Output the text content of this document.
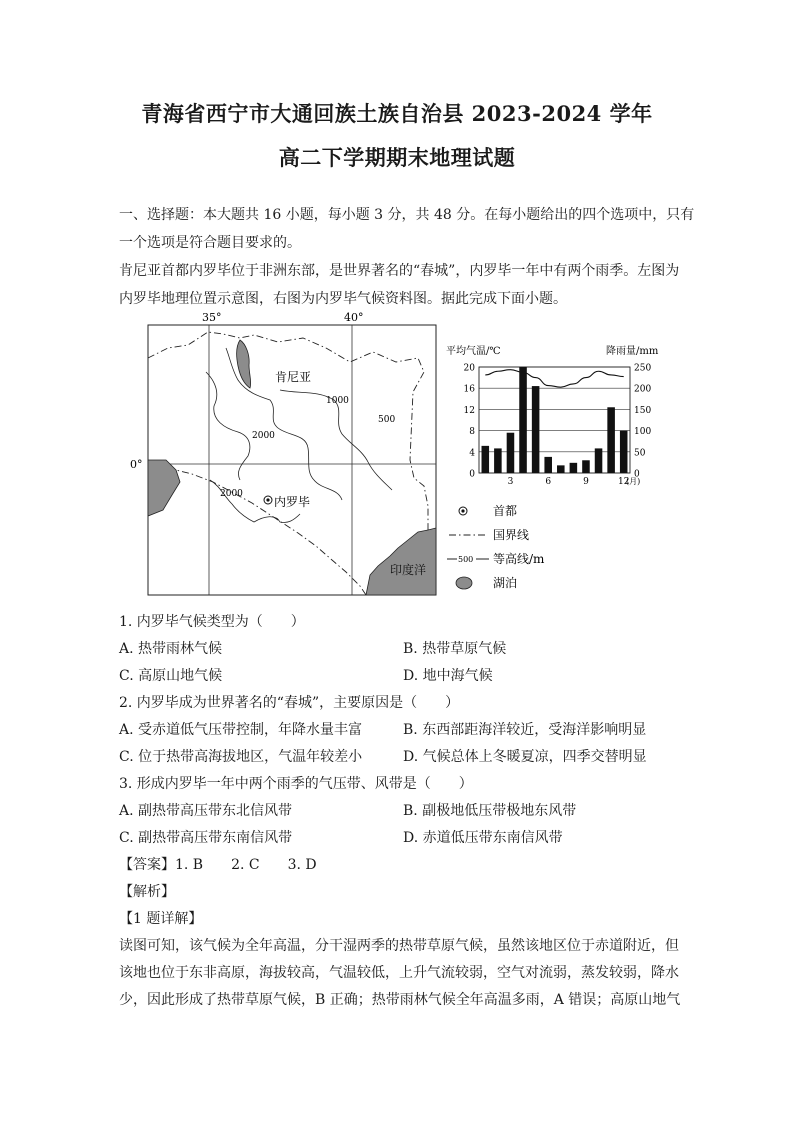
青海省西宁市大通回族土族自治县 2023-2024 学年
高二下学期期末地理试题
一、选择题：本大题共 16 小题，每小题 3 分，共 48 分。在每小题给出的四个选项中，只有
一个选项是符合题目要求的。
肯尼亚首都内罗毕位于非洲东部，是世界著名的“春城”，内罗毕一年中有两个雨季。左图为
内罗毕地理位置示意图，右图为内罗毕气候资料图。据此完成下面小题。
35°	40°
0°
印度洋
肯尼亚
1000
500
2000
2000
内罗毕
平均气温/℃	降雨量/mm
20
16
12
8
4
0
250
200
150
100
50
0
3	6	9	12
(月)
首都
国界线
500 等高线/m
湖泊
1. 内罗毕气候类型为（　　）
A. 热带雨林气候	B. 热带草原气候
C. 高原山地气候	D. 地中海气候
2. 内罗毕成为世界著名的“春城”，主要原因是（　　）
A. 受赤道低气压带控制，年降水量丰富	B. 东西部距海洋较近，受海洋影响明显
C. 位于热带高海拔地区，气温年较差小	D. 气候总体上冬暖夏凉，四季交替明显
3. 形成内罗毕一年中两个雨季的气压带、风带是（　　）
A. 副热带高压带东北信风带	B. 副极地低压带极地东风带
C. 副热带高压带东南信风带	D. 赤道低压带东南信风带
【答案】1. B　　2. C　　3. D
【解析】
【1 题详解】
读图可知，该气候为全年高温，分干湿两季的热带草原气候，虽然该地区位于赤道附近，但
该地也位于东非高原，海拔较高，气温较低，上升气流较弱，空气对流弱，蒸发较弱，降水
少，因此形成了热带草原气候，B 正确；热带雨林气候全年高温多雨，A 错误；高原山地气
